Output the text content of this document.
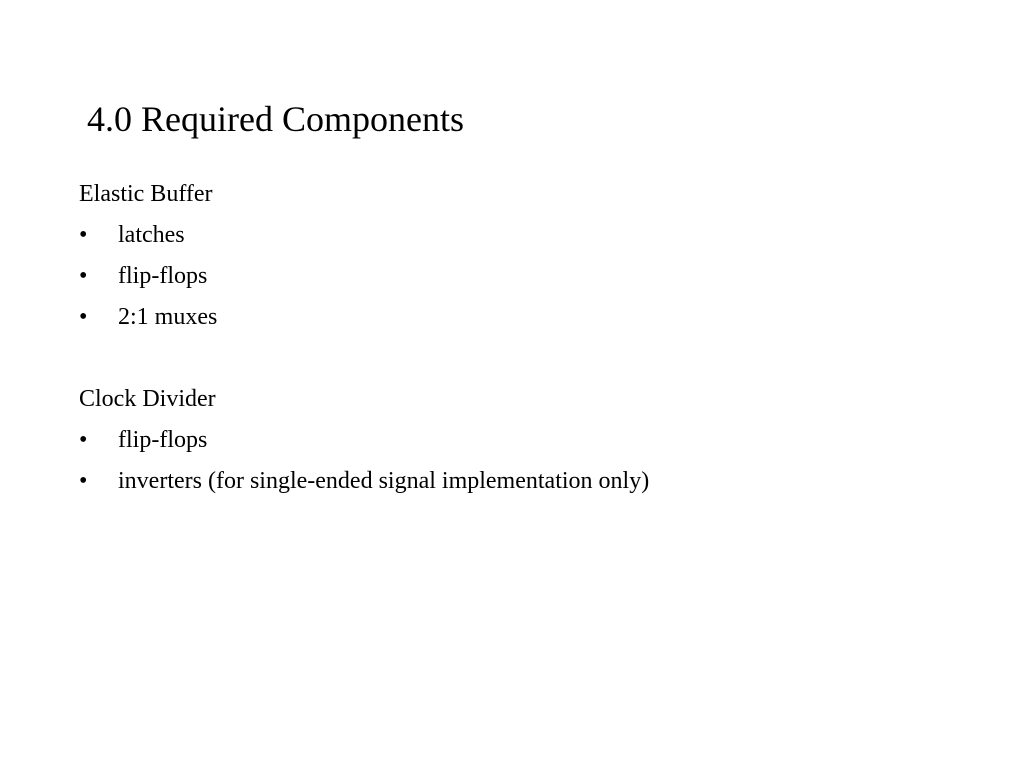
4.0 Required Components
Elastic Buffer
• latches
• flip-flops
• 2:1 muxes
Clock Divider
• flip-flops
• inverters (for single-ended signal implementation only)
